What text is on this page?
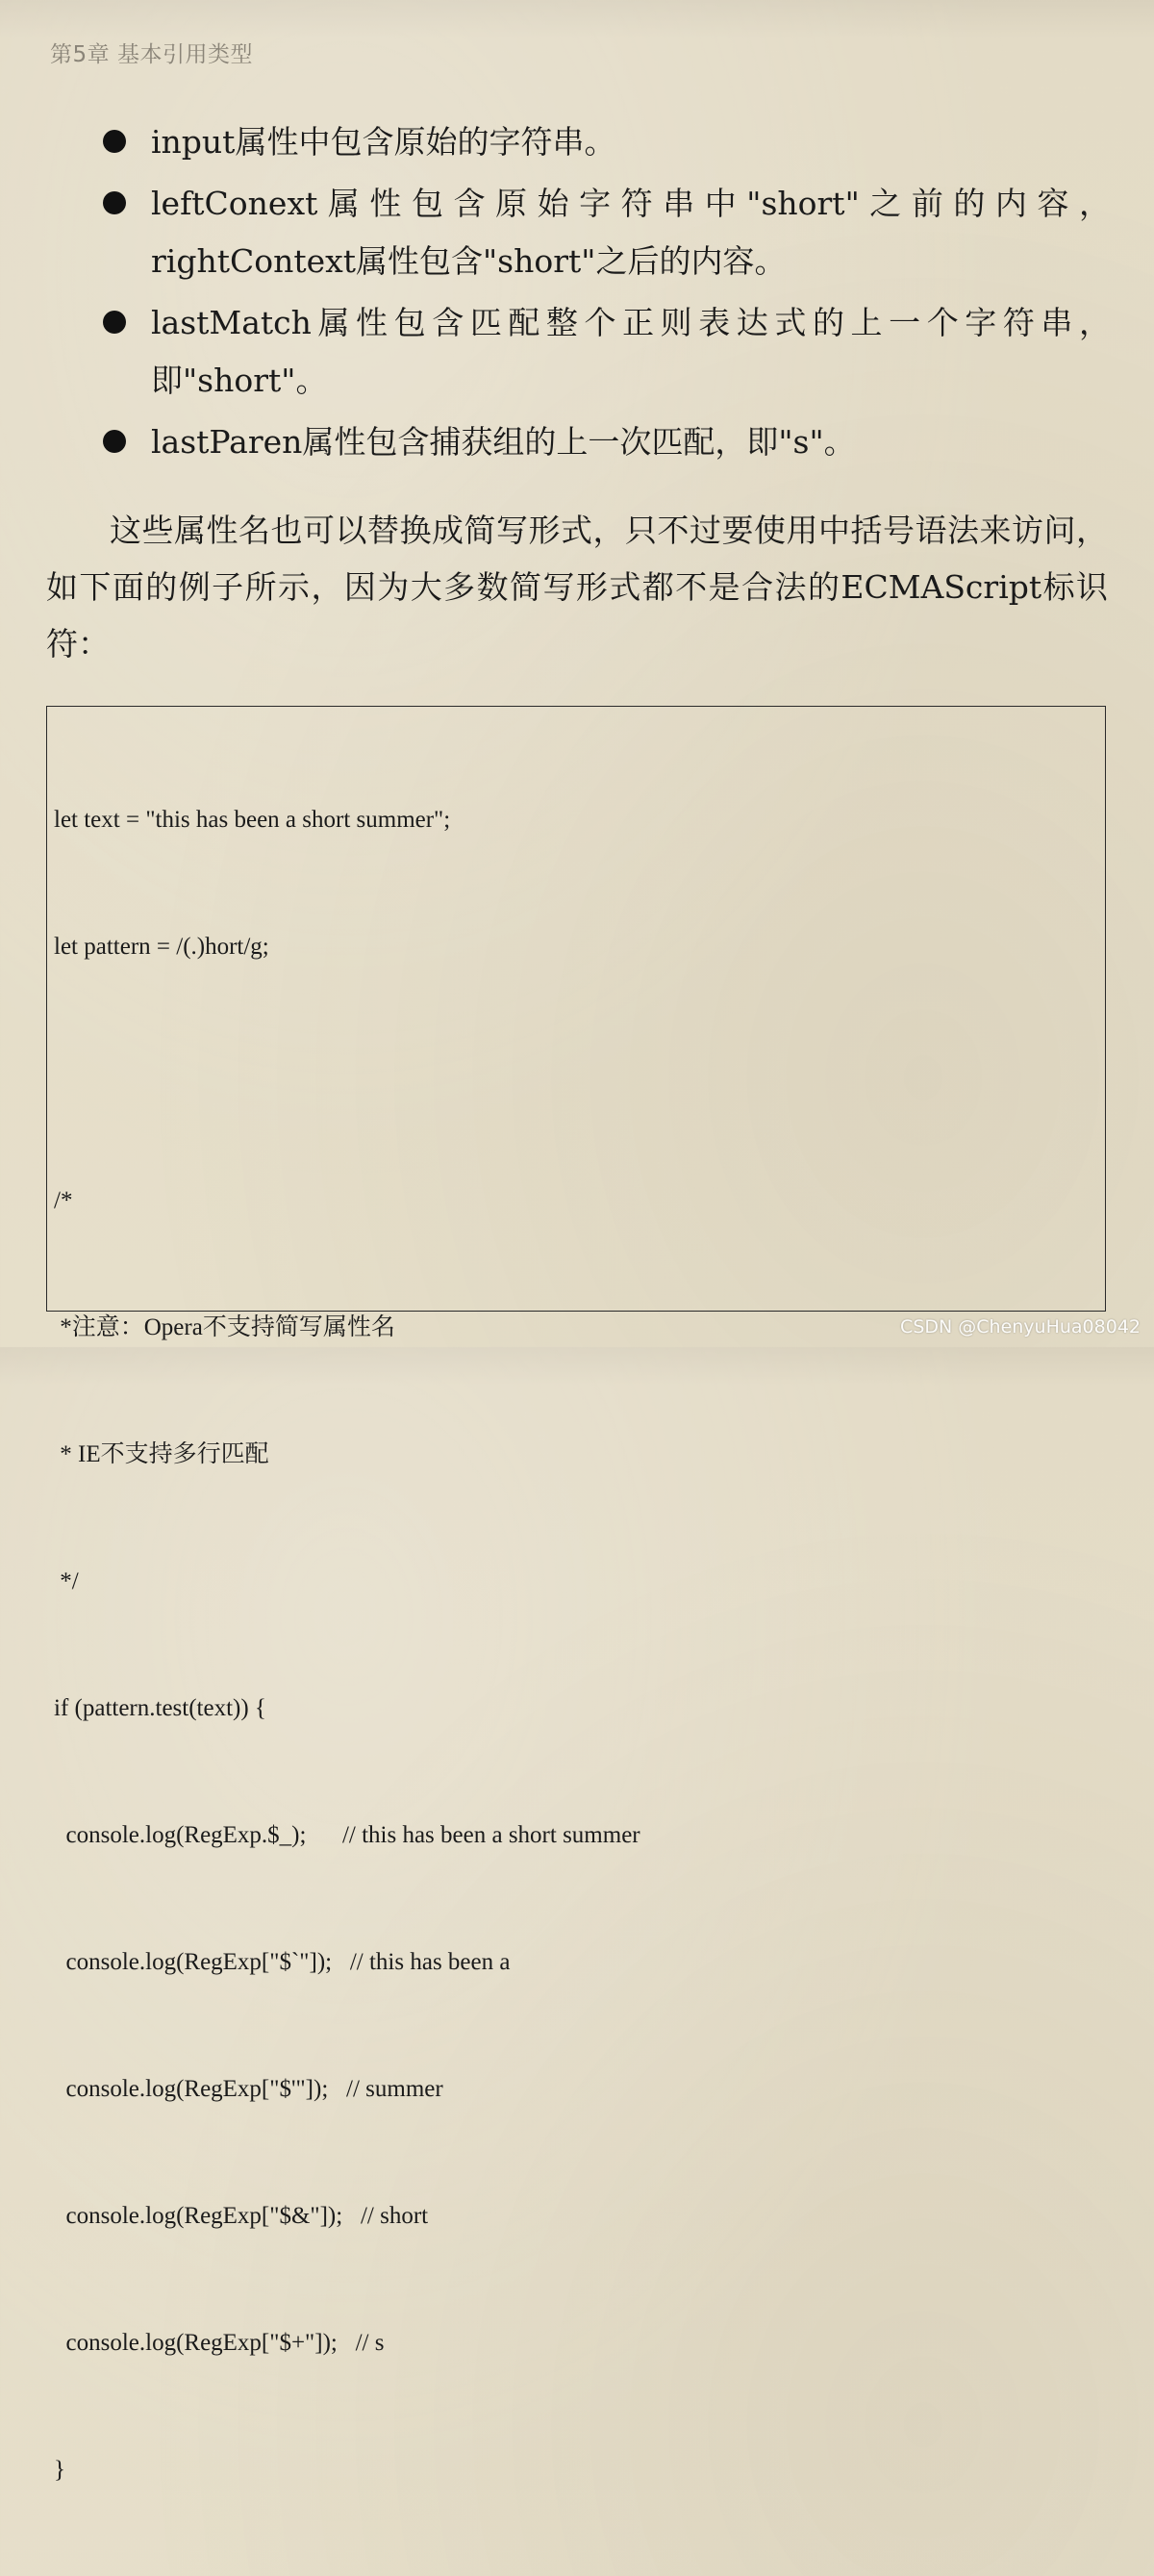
第5章 基本引用类型
input属性中包含原始的字符串。
leftConext属性包含原始字符串中"short"之前的内容，rightContext属性包含"short"之后的内容。
lastMatch属性包含匹配整个正则表达式的上一个字符串，即"short"。
lastParen属性包含捕获组的上一次匹配，即"s"。
这些属性名也可以替换成简写形式，只不过要使用中括号语法来访问，如下面的例子所示，因为大多数简写形式都不是合法的ECMAScript标识符：

let text = "this has been a short summer";

let pattern = /(.)hort/g;

/*

*注意：Opera不支持简写属性名

* IE不支持多行匹配

*/

if (pattern.test(text)) {

console.log(RegExp.$_);      // this has been a short summer

console.log(RegExp["$`"]);   // this has been a

console.log(RegExp["$'"]);   // summer

console.log(RegExp["$&"]);   // short

console.log(RegExp["$+"]);   // s

}

CSDN @ChenyuHua08042
